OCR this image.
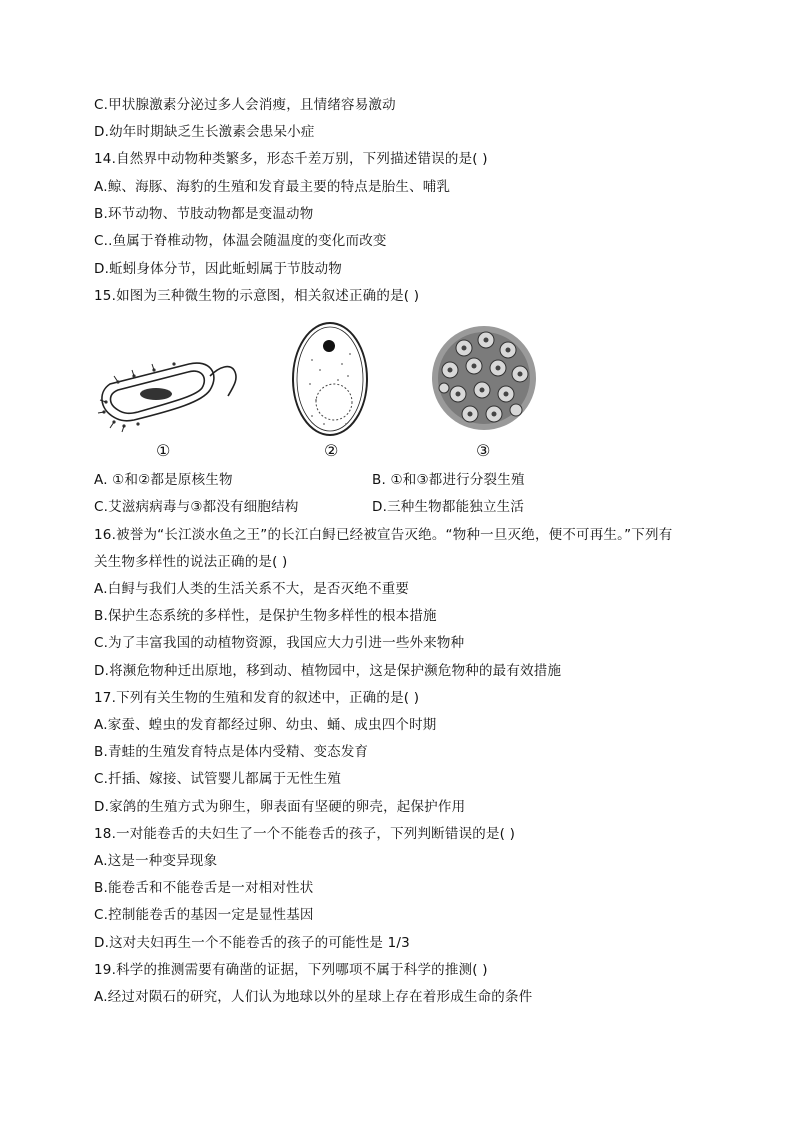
C.甲状腺激素分泌过多人会消瘦，且情绪容易激动
D.幼年时期缺乏生长激素会患呆小症
14.自然界中动物种类繁多，形态千差万别，下列描述错误的是( )
A.鲸、海豚、海豹的生殖和发育最主要的特点是胎生、哺乳
B.环节动物、节肢动物都是变温动物
C..鱼属于脊椎动物，体温会随温度的变化而改变
D.蚯蚓身体分节，因此蚯蚓属于节肢动物
15.如图为三种微生物的示意图，相关叙述正确的是( )
①	②	③
A. ①和②都是原核生物	B. ①和③都进行分裂生殖
C.艾滋病病毒与③都没有细胞结构	D.三种生物都能独立生活
16.被誉为“长江淡水鱼之王”的长江白鲟已经被宣告灭绝。“物种一旦灭绝，便不可再生。”下列有
关生物多样性的说法正确的是( )
A.白鲟与我们人类的生活关系不大，是否灭绝不重要
B.保护生态系统的多样性，是保护生物多样性的根本措施
C.为了丰富我国的动植物资源，我国应大力引进一些外来物种
D.将濒危物种迁出原地，移到动、植物园中，这是保护濒危物种的最有效措施
17.下列有关生物的生殖和发育的叙述中，正确的是( )
A.家蚕、蝗虫的发育都经过卵、幼虫、蛹、成虫四个时期
B.青蛙的生殖发育特点是体内受精、变态发育
C.扦插、嫁接、试管婴儿都属于无性生殖
D.家鸽的生殖方式为卵生，卵表面有坚硬的卵壳，起保护作用
18.一对能卷舌的夫妇生了一个不能卷舌的孩子，下列判断错误的是( )
A.这是一种变异现象
B.能卷舌和不能卷舌是一对相对性状
C.控制能卷舌的基因一定是显性基因
D.这对夫妇再生一个不能卷舌的孩子的可能性是 1/3
19.科学的推测需要有确凿的证据，下列哪项不属于科学的推测( )
A.经过对陨石的研究，人们认为地球以外的星球上存在着形成生命的条件
